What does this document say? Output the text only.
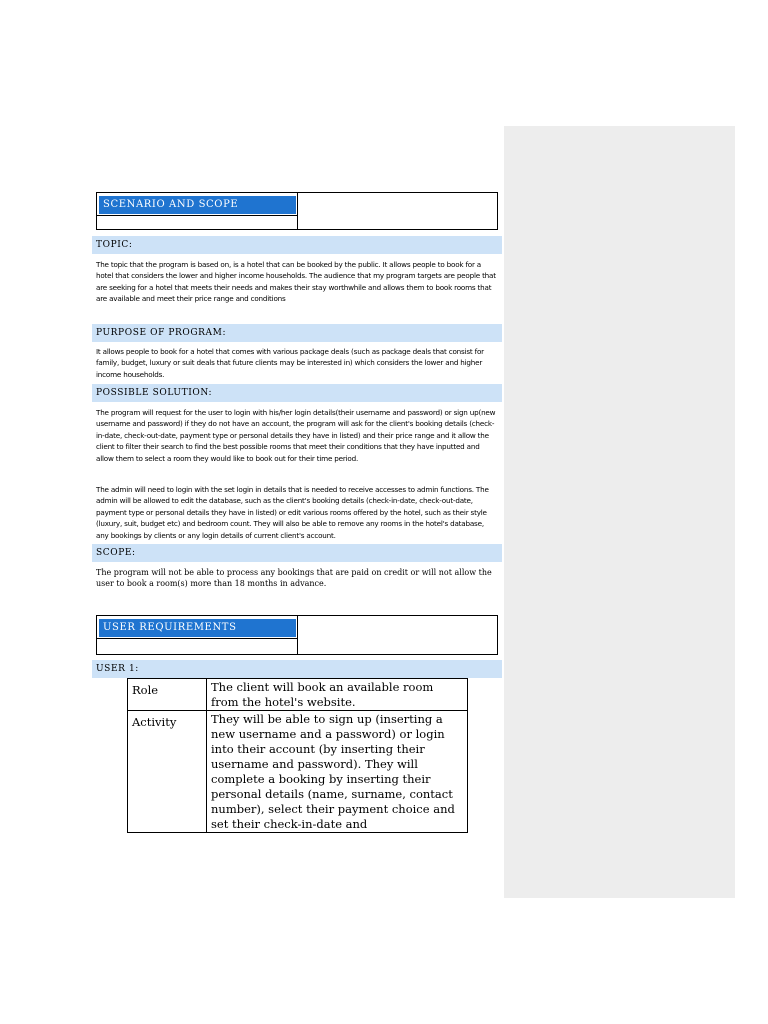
SCENARIO AND SCOPE
TOPIC:

The topic that the program is based on, is a hotel that can be booked by the public. It allows people to book for a hotel that considers the lower and higher income households. The audience that my program targets are people that are seeking for a hotel that meets their needs and makes their stay worthwhile and allows them to book rooms that are available and meet their price range and conditions

PURPOSE OF PROGRAM:

It allows people to book for a hotel that comes with various package deals (such as package deals that consist for family, budget, luxury or suit deals that future clients may be interested in) which considers the lower and higher income households.

POSSIBLE SOLUTION:

The program will request for the user to login with his/her login details(their username and password) or sign up(new username and password) if they do not have an account, the program will ask for the client's booking details (check-in-date, check-out-date, payment type or personal details they have in listed) and their price range and it allow the client to filter their search to find the best possible rooms that meet their conditions that they have inputted and allow them to select a room they would like to book out for their time period.

The admin will need to login with the set login in details that is needed to receive accesses to admin functions. The admin will be allowed to edit the database, such as the client's booking details (check-in-date, check-out-date, payment type or personal details they have in listed) or edit various rooms offered by the hotel, such as their style (luxury, suit, budget etc) and bedroom count. They will also be able to remove any rooms in the hotel's database, any bookings by clients or any login details of current client's account.

SCOPE:

The program will not be able to process any bookings that are paid on credit or will not allow the user to book a room(s) more than 18 months in advance.

USER REQUIREMENTS
USER 1:
Role	The client will book an available room from the hotel's website.
Activity	They will be able to sign up (inserting a new username and a password) or login into their account (by inserting their username and password). They will complete a booking by inserting their personal details (name, surname, contact number), select their payment choice and set their check-in-date and
